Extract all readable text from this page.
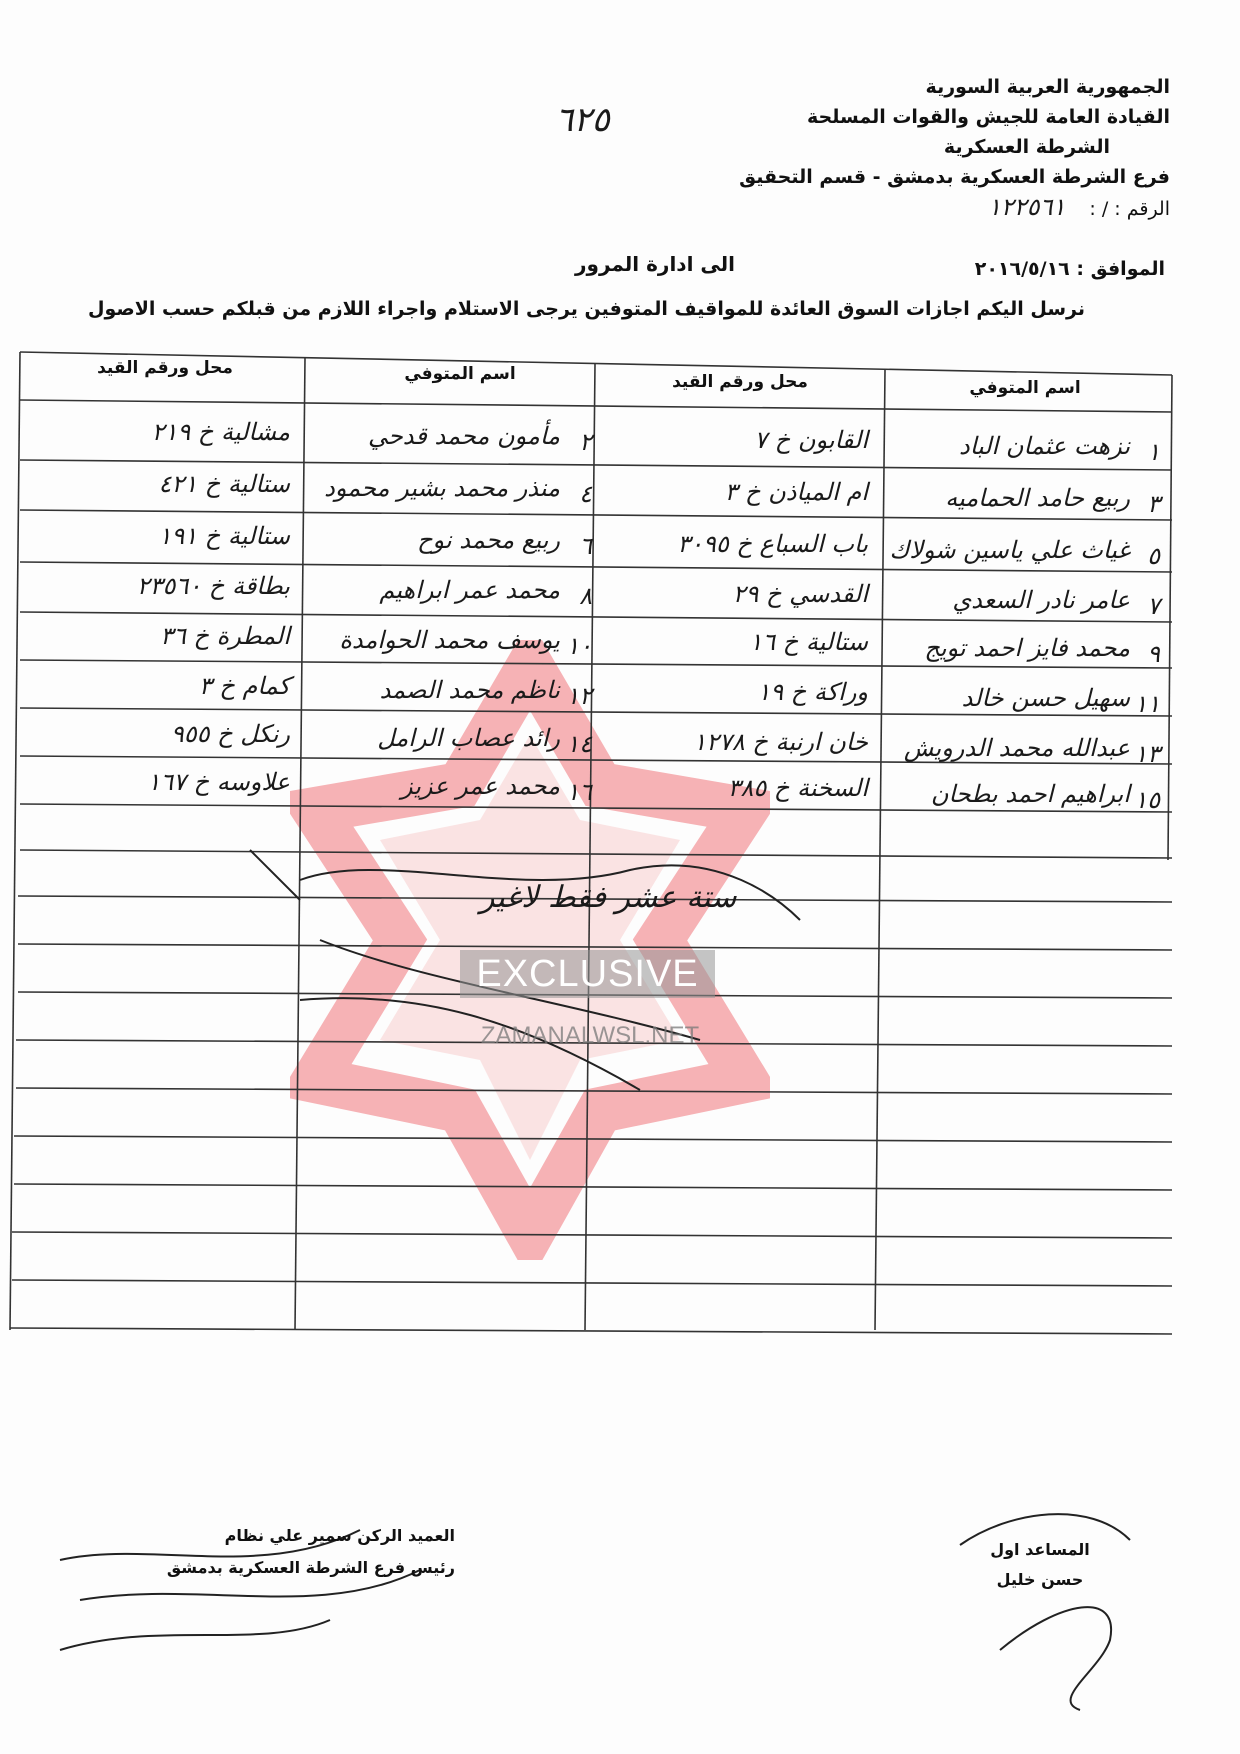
٦٢٥
الجمهورية العربية السورية
القيادة العامة للجيش والقوات المسلحة
الشرطة العسكرية
فرع الشرطة العسكرية بدمشق - قسم التحقيق
الرقم : / : ١٢٢٥٦١
الموافق : ٢٠١٦/٥/١٦
الى ادارة المرور
نرسل اليكم اجازات السوق العائدة للمواقيف المتوفين يرجى الاستلام واجراء اللازم من قبلكم حسب الاصول
اسم المتوفي
محل ورقم القيد
اسم المتوفي
محل ورقم القيد
١
نزهت عثمان الباد
القابون خ ٧
٣
ربيع حامد الحماميه
ام المياذن خ ٣
٥
غياث علي ياسين شولاك
باب السباع خ ٣٠٩٥
٧
عامر نادر السعدي
القدسي خ ٢٩
٩
محمد فايز احمد تويج
ستالية خ ١٦
١١
سهيل حسن خالد
وراكة خ ١٩
١٣
عبدالله محمد الدرويش
خان ارنبة خ ١٢٧٨
١٥
ابراهيم احمد بطحان
السخنة خ ٣٨٥
٢
مأمون محمد قدحي
مشالية خ ٢١٩
٤
منذر محمد بشير محمود
ستالية خ ٤٢١
٦
ربيع محمد نوح
ستالية خ ١٩١
٨
محمد عمر ابراهيم
بطاقة خ ٢٣٥٦٠
١٠
يوسف محمد الحوامدة
المطرة خ ٣٦
١٢
ناظم محمد الصمد
كمام خ ٣
١٤
رائد عصاب الرامل
رنكل خ ٩٥٥
١٦
محمد عمر عزيز
علاوسه خ ١٦٧
ستة عشر فقط لاغير
EXCLUSIVE
ZAMANALWSL.NET
المساعد اول
حسن خليل
العميد الركن سمير علي نظام
رئيس فرع الشرطة العسكرية بدمشق
